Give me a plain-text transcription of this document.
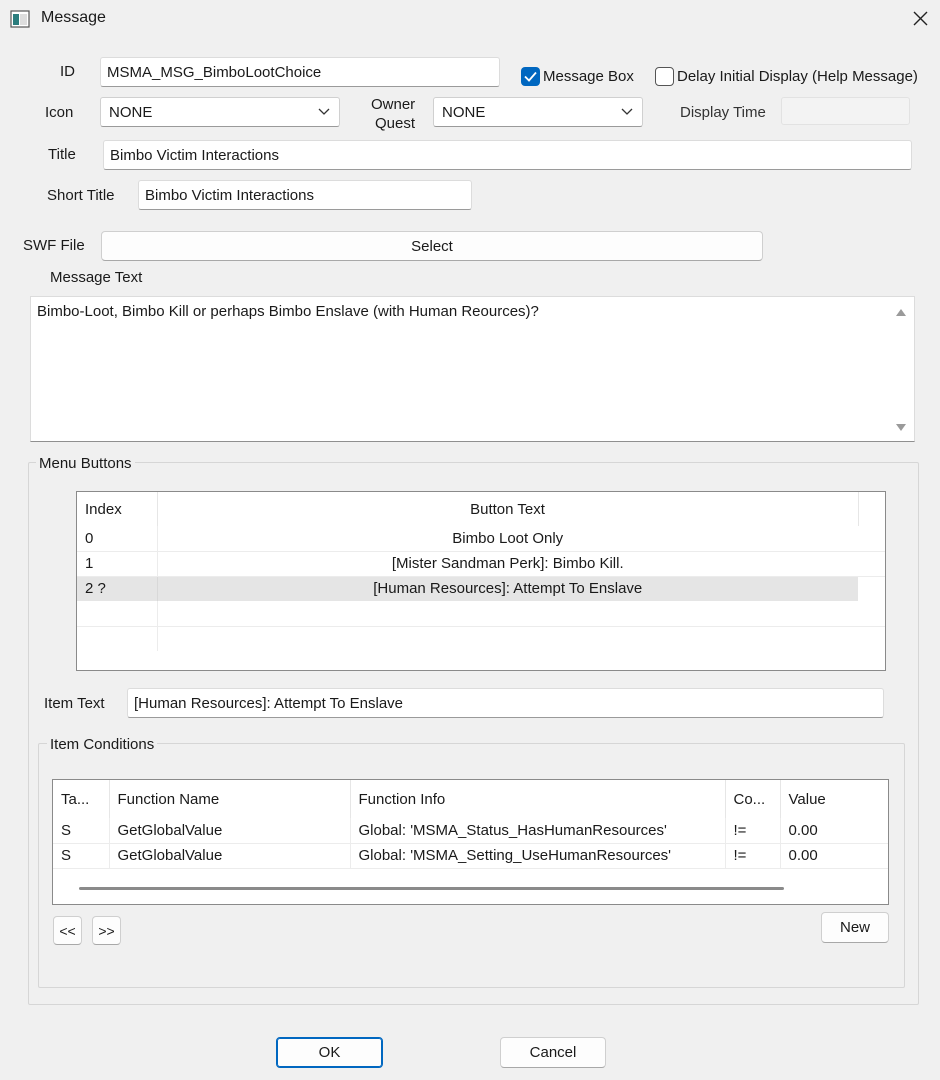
Message
ID	MSMA_MSG_BimboLootChoice	Message Box	Delay Initial Display (Help Message)
Icon NONE	Owner
Quest
NONE	Display Time
Title	Bimbo Victim Interactions
Short Title	Bimbo Victim Interactions
SWF File	Select
Message Text
Bimbo-Loot, Bimbo Kill or perhaps Bimbo Enslave (with Human Reources)?
Menu Buttons
Index	Button Text	
0	Bimbo Loot Only	
1	[Mister Sandman Perk]: Bimbo Kill.	
2 ?	[Human Resources]: Attempt To Enslave	

Item Text	[Human Resources]: Attempt To Enslave
Item Conditions
Ta...	Function Name	Function Info	Co...	Value
S	GetGlobalValue	Global: 'MSMA_Status_HasHumanResources'	!=	0.00
S	GetGlobalValue	Global: 'MSMA_Setting_UseHumanResources'	!=	0.00
<<	>>	New
OK	Cancel
